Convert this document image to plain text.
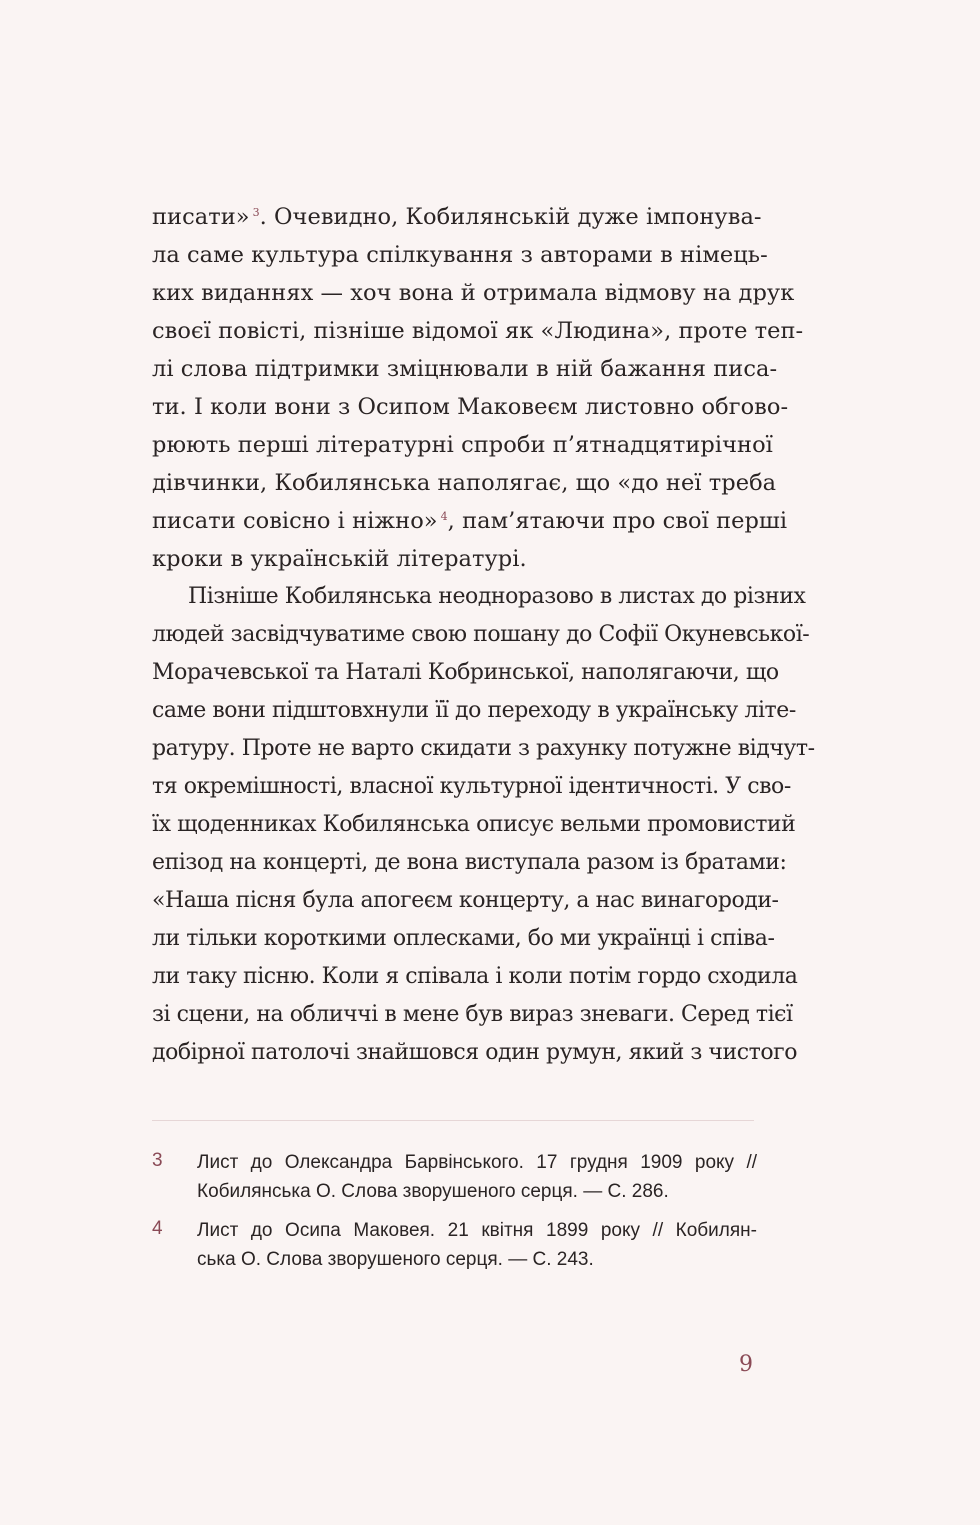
писати» $^3$. Очевидно, Кобилянській дуже імпонува-
ла саме культура спілкування з авторами в німець-
ких виданнях — хоч вона й отримала відмову на друк
своєї повісті, пізніше відомої як «Людина», проте теп-
лі слова підтримки зміцнювали в ній бажання писа-
ти. І коли вони з Осипом Маковеєм листовно обгово-
рюють перші літературні спроби п’ятнадцятирічної
дівчинки, Кобилянська наполягає, що «до неї треба
писати совісно і ніжно» $^4$, пам’ятаючи про свої перші
кроки в українській літературі.
Пізніше Кобилянська неодноразово в листах до різних
людей засвідчуватиме свою пошану до Софії Окуневської-
Морачевської та Наталі Кобринської, наполягаючи, що
саме вони підштовхнули її до переходу в українську літе-
ратуру. Проте не варто скидати з рахунку потужне відчут-
тя окремішності, власної культурної ідентичності. У сво-
їх щоденниках Кобилянська описує вельми промовистий
епізод на концерті, де вона виступала разом із братами:
«Наша пісня була апогеєм концерту, а нас винагороди-
ли тільки короткими оплесками, бо ми українці і співа-
ли таку пісню. Коли я співала і коли потім гордо сходила
зі сцени, на обличчі в мене був вираз зневаги. Серед тієї
добірної патолочі знайшовся один румун, який з чистого
3 Лист до Олександра Барвінського. 17 грудня 1909 року //
Кобилянська О. Слова зворушеного серця. — С. 286.
4 Лист до Осипа Маковея. 21 квітня 1899 року // Кобилян-
ська О. Слова зворушеного серця. — С. 243.
9
